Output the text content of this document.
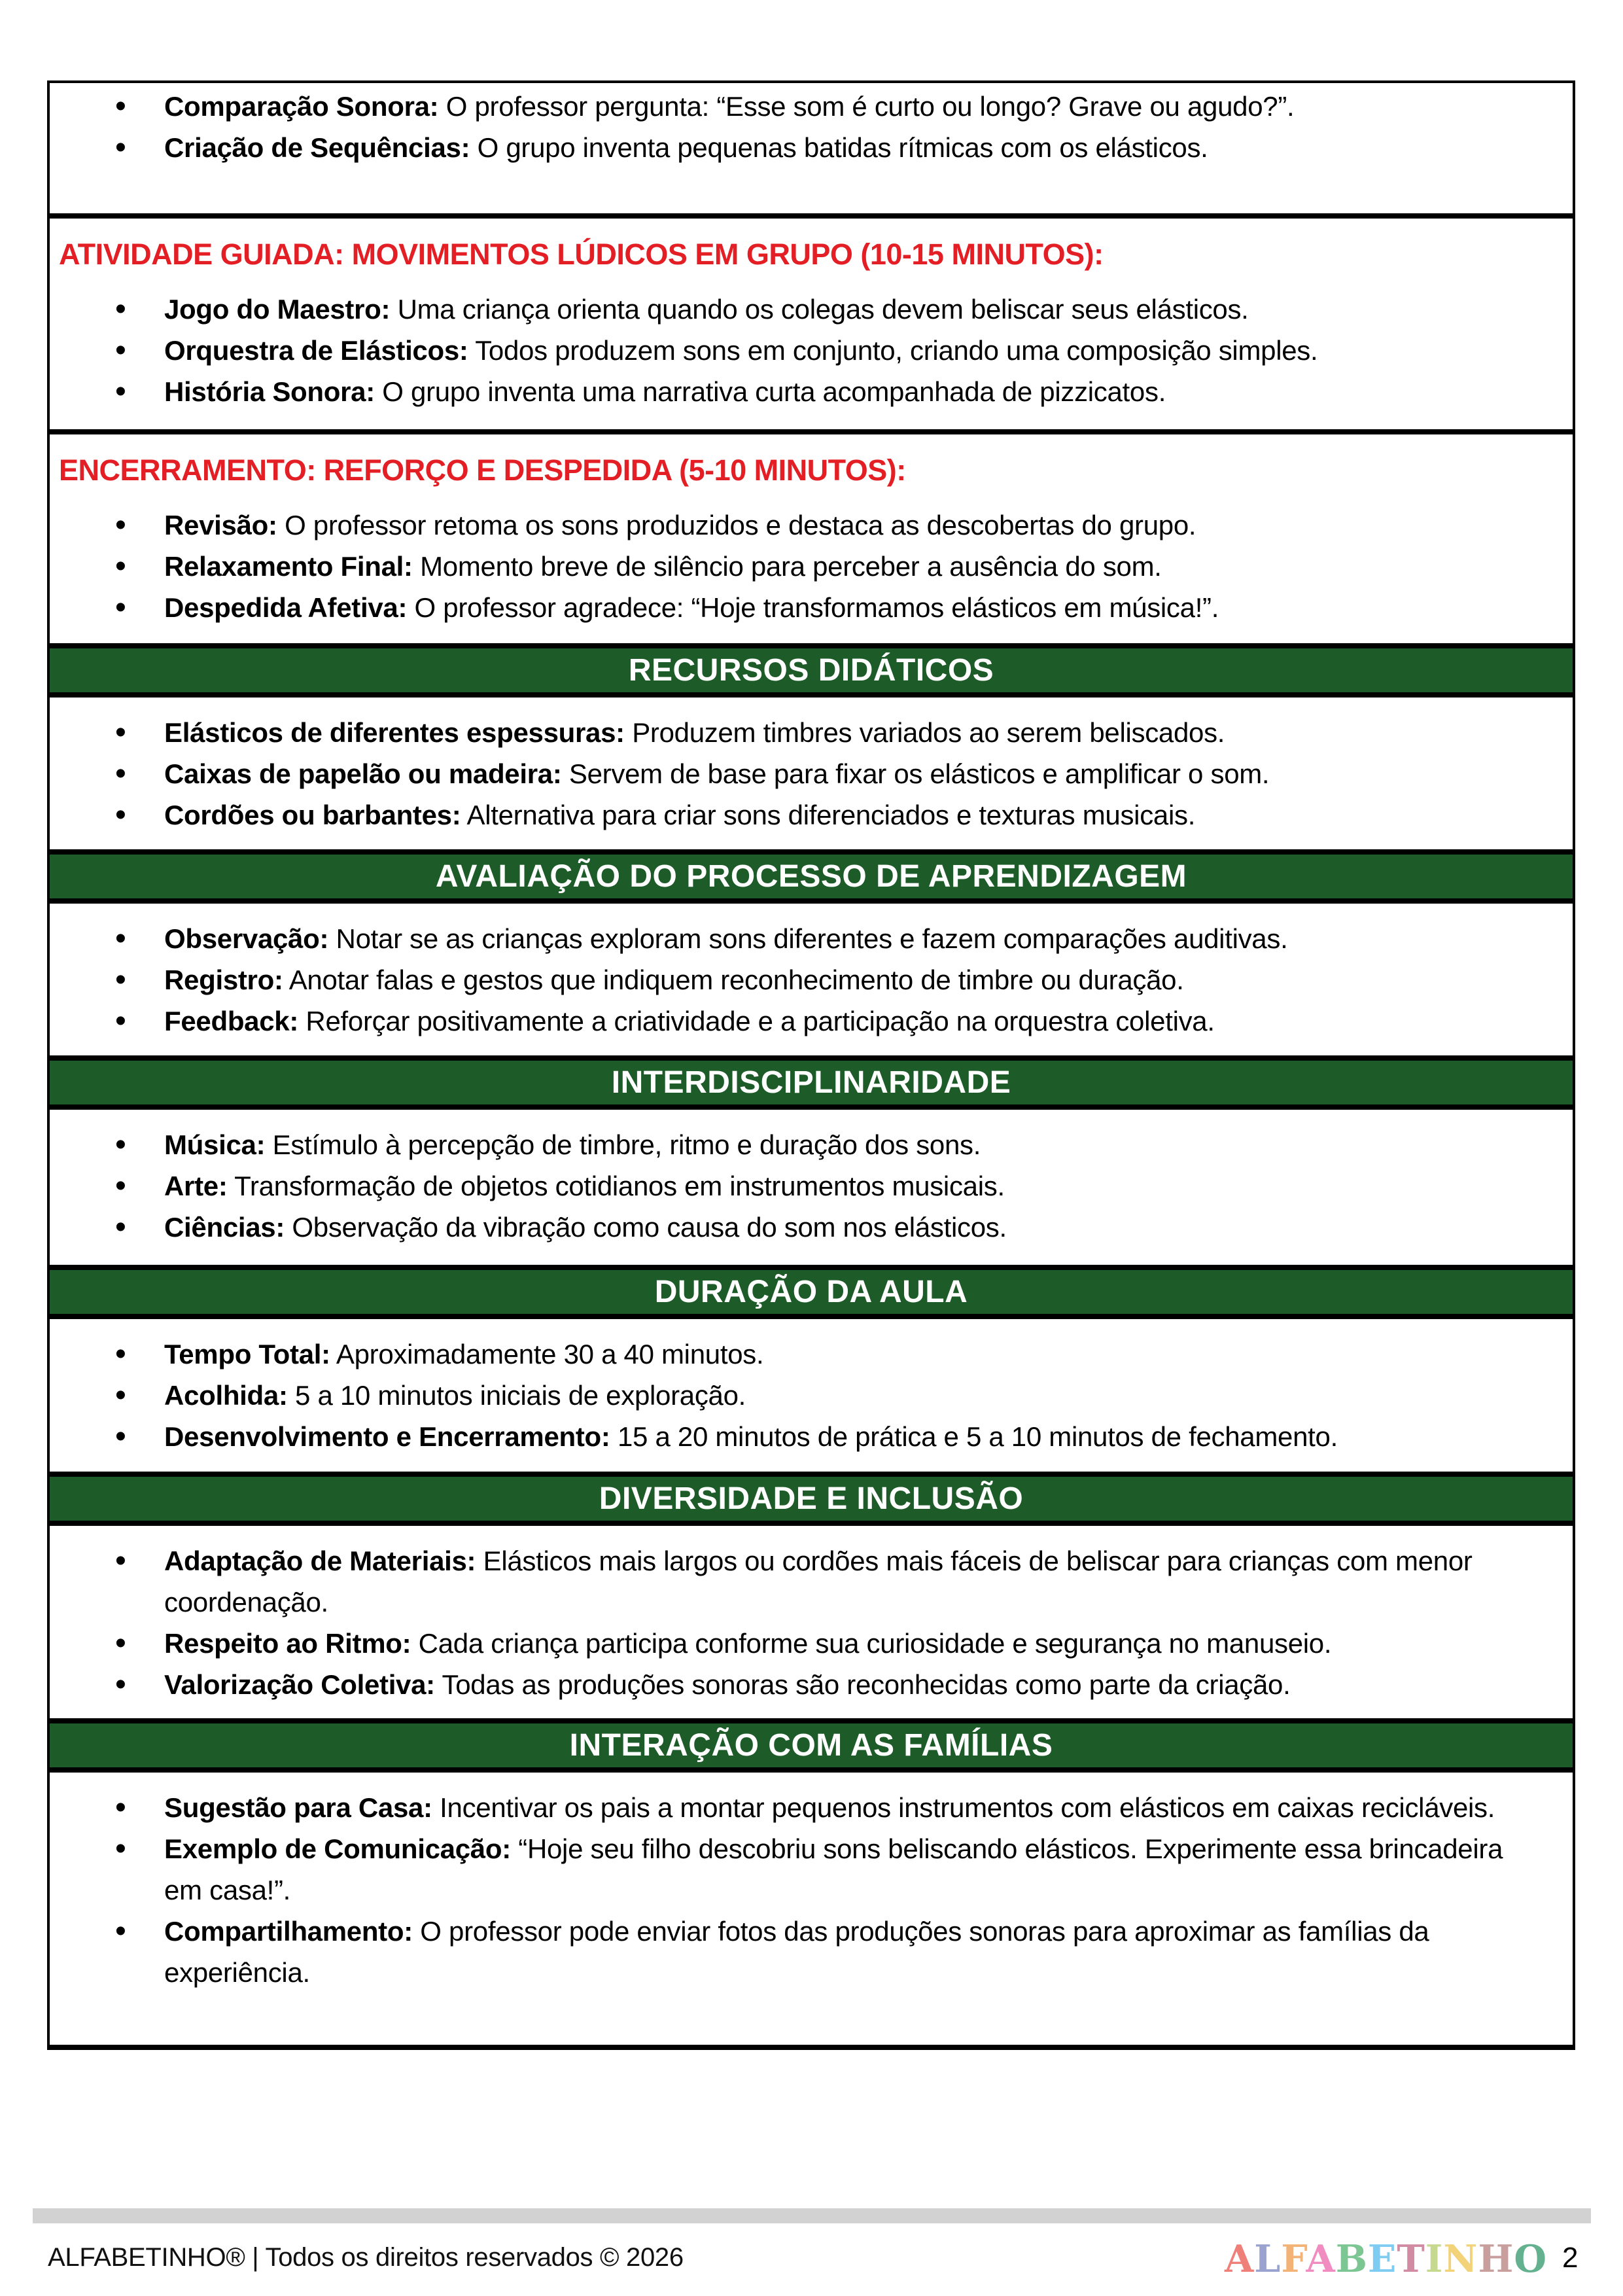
• Comparação Sonora: O professor pergunta: “Esse som é curto ou longo? Grave ou agudo?”.
• Criação de Sequências: O grupo inventa pequenas batidas rítmicas com os elásticos.
ATIVIDADE GUIADA: MOVIMENTOS LÚDICOS EM GRUPO (10-15 MINUTOS):
• Jogo do Maestro: Uma criança orienta quando os colegas devem beliscar seus elásticos.
• Orquestra de Elásticos: Todos produzem sons em conjunto, criando uma composição simples.
• História Sonora: O grupo inventa uma narrativa curta acompanhada de pizzicatos.
ENCERRAMENTO: REFORÇO E DESPEDIDA (5-10 MINUTOS):
• Revisão: O professor retoma os sons produzidos e destaca as descobertas do grupo.
• Relaxamento Final: Momento breve de silêncio para perceber a ausência do som.
• Despedida Afetiva: O professor agradece: “Hoje transformamos elásticos em música!”.
RECURSOS DIDÁTICOS
• Elásticos de diferentes espessuras: Produzem timbres variados ao serem beliscados.
• Caixas de papelão ou madeira: Servem de base para fixar os elásticos e amplificar o som.
• Cordões ou barbantes: Alternativa para criar sons diferenciados e texturas musicais.
AVALIAÇÃO DO PROCESSO DE APRENDIZAGEM
• Observação: Notar se as crianças exploram sons diferentes e fazem comparações auditivas.
• Registro: Anotar falas e gestos que indiquem reconhecimento de timbre ou duração.
• Feedback: Reforçar positivamente a criatividade e a participação na orquestra coletiva.
INTERDISCIPLINARIDADE
• Música: Estímulo à percepção de timbre, ritmo e duração dos sons.
• Arte: Transformação de objetos cotidianos em instrumentos musicais.
• Ciências: Observação da vibração como causa do som nos elásticos.
DURAÇÃO DA AULA
• Tempo Total: Aproximadamente 30 a 40 minutos.
• Acolhida: 5 a 10 minutos iniciais de exploração.
• Desenvolvimento e Encerramento: 15 a 20 minutos de prática e 5 a 10 minutos de fechamento.
DIVERSIDADE E INCLUSÃO
• Adaptação de Materiais: Elásticos mais largos ou cordões mais fáceis de beliscar para crianças com menor coordenação.
• Respeito ao Ritmo: Cada criança participa conforme sua curiosidade e segurança no manuseio.
• Valorização Coletiva: Todas as produções sonoras são reconhecidas como parte da criação.
INTERAÇÃO COM AS FAMÍLIAS
• Sugestão para Casa: Incentivar os pais a montar pequenos instrumentos com elásticos em caixas recicláveis.
• Exemplo de Comunicação: “Hoje seu filho descobriu sons beliscando elásticos. Experimente essa brincadeira em casa!”.
• Compartilhamento: O professor pode enviar fotos das produções sonoras para aproximar as famílias da experiência.
ALFABETINHO® | Todos os direitos reservados © 2026	ALFABETINHO 2
